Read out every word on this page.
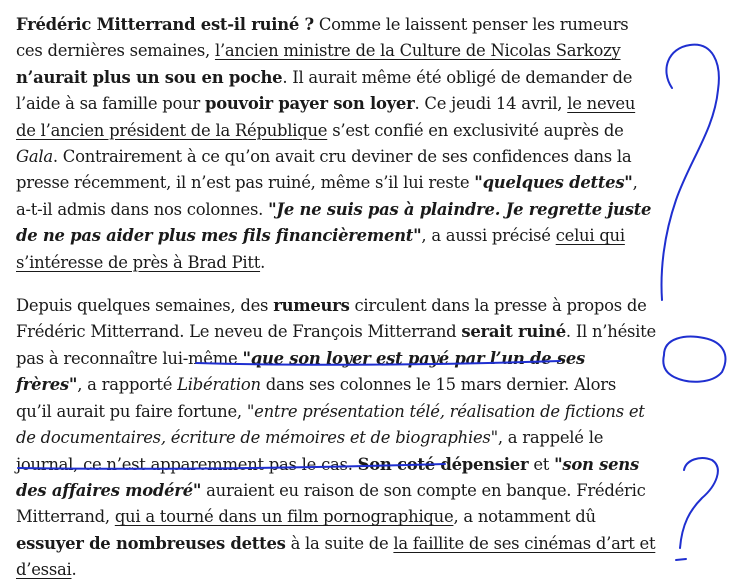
Frédéric Mitterrand est-il ruiné ? Comme le laissent penser les rumeurs ces dernières semaines, l’ancien ministre de la Culture de Nicolas Sarkozy n’aurait plus un sou en poche. Il aurait même été obligé de demander de l’aide à sa famille pour pouvoir payer son loyer. Ce jeudi 14 avril, le neveu de l’ancien président de la République s’est confié en exclusivité auprès de Gala. Contrairement à ce qu’on avait cru deviner de ses confidences dans la presse récemment, il n’est pas ruiné, même s’il lui reste "quelques dettes", a-t-il admis dans nos colonnes. "Je ne suis pas à plaindre. Je regrette juste de ne pas aider plus mes fils financièrement", a aussi précisé celui qui s’intéresse de près à Brad Pitt.

Depuis quelques semaines, des rumeurs circulent dans la presse à propos de Frédéric Mitterrand. Le neveu de François Mitterrand serait ruiné. Il n’hésite pas à reconnaître lui-même "que son loyer est payé par l’un de ses frères", a rapporté Libération dans ses colonnes le 15 mars dernier. Alors qu’il aurait pu faire fortune, "entre présentation télé, réalisation de fictions et de documentaires, écriture de mémoires et de biographies", a rappelé le journal, ce n’est apparemment pas le cas. Son coté dépensier et "son sens des affaires modéré" auraient eu raison de son compte en banque. Frédéric Mitterrand, qui a tourné dans un film pornographique, a notamment dû essuyer de nombreuses dettes à la suite de la faillite de ses cinémas d’art et d’essai.
